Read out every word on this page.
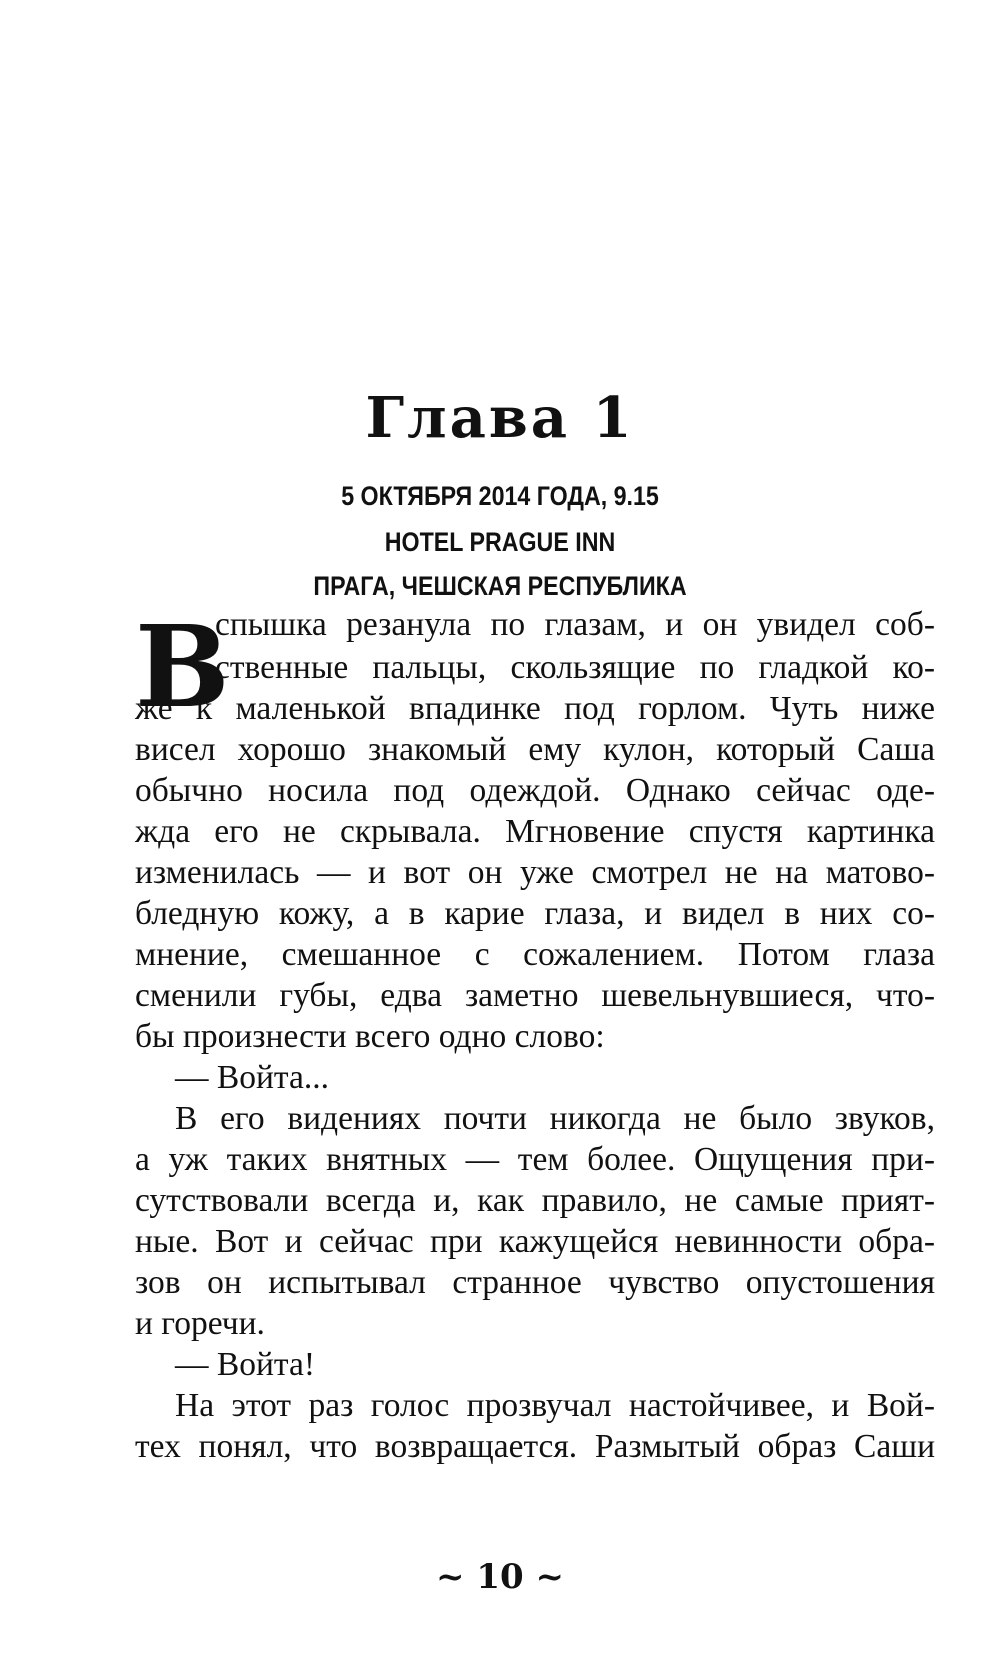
Глава 1
5 ОКТЯБРЯ 2014 ГОДА, 9.15
HOTEL PRAGUE INN
ПРАГА, ЧЕШСКАЯ РЕСПУБЛИКА
В
спышка резанула по глазам, и он увидел соб-
ственные пальцы, скользящие по гладкой ко-
же к маленькой впадинке под горлом. Чуть ниже
висел хорошо знакомый ему кулон, который Саша
обычно носила под одеждой. Однако сейчас оде-
жда его не скрывала. Мгновение спустя картинка
изменилась — и вот он уже смотрел не на матово-
бледную кожу, а в карие глаза, и видел в них со-
мнение, смешанное с сожалением. Потом глаза
сменили губы, едва заметно шевельнувшиеся, что-
бы произнести всего одно слово:
— Войта...
В его видениях почти никогда не было звуков,
а уж таких внятных — тем более. Ощущения при-
сутствовали всегда и, как правило, не самые прият-
ные. Вот и сейчас при кажущейся невинности обра-
зов он испытывал странное чувство опустошения
и горечи.
— Войта!
На этот раз голос прозвучал настойчивее, и Вой-
тех понял, что возвращается. Размытый образ Саши
~ 10 ~
